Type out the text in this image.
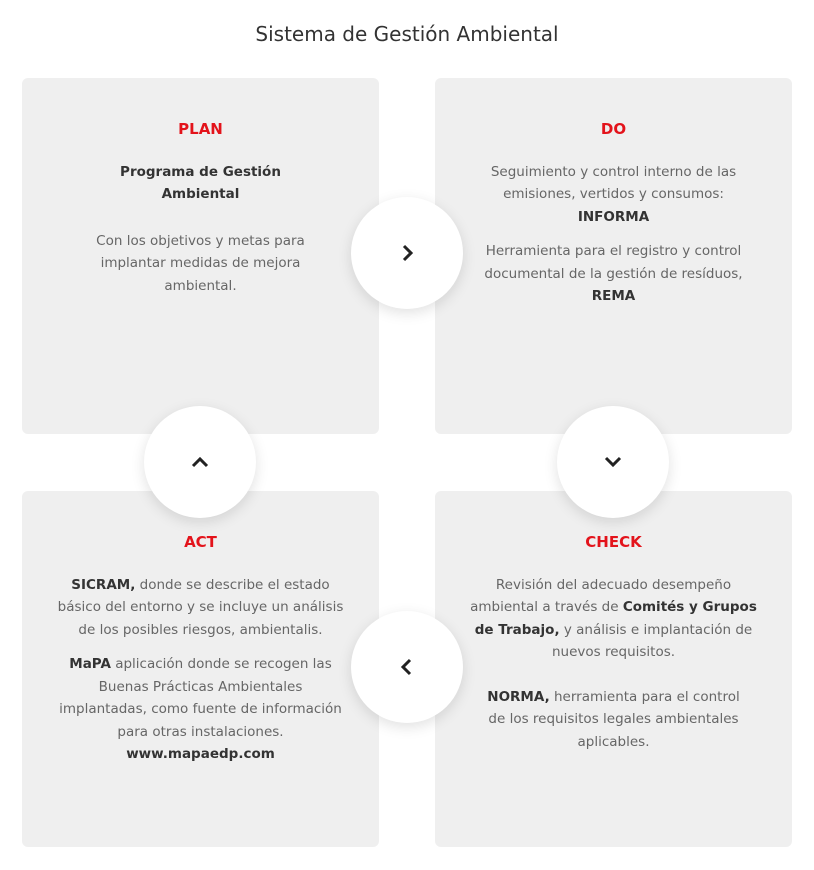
Sistema de Gestión Ambiental
PLAN
Programa de Gestión Ambiental

Con los objetivos y metas para implantar medidas de mejora ambiental.

DO

Seguimiento y control interno de las emisiones, vertidos y consumos: INFORMA

Herramienta para el registro y control documental de la gestión de resíduos, REMA

ACT

SICRAM, donde se describe el estado básico del entorno y se incluye un análisis de los posibles riesgos, ambientalis.

MaPA aplicación donde se recogen las Buenas Prácticas Ambientales implantadas, como fuente de información para otras instalaciones.

www.mapaedp.com
CHECK

Revisión del adecuado desempeño ambiental a través de Comités y Grupos de Trabajo, y análisis e implantación de nuevos requisitos.

NORMA, herramienta para el control de los requisitos legales ambientales aplicables.
